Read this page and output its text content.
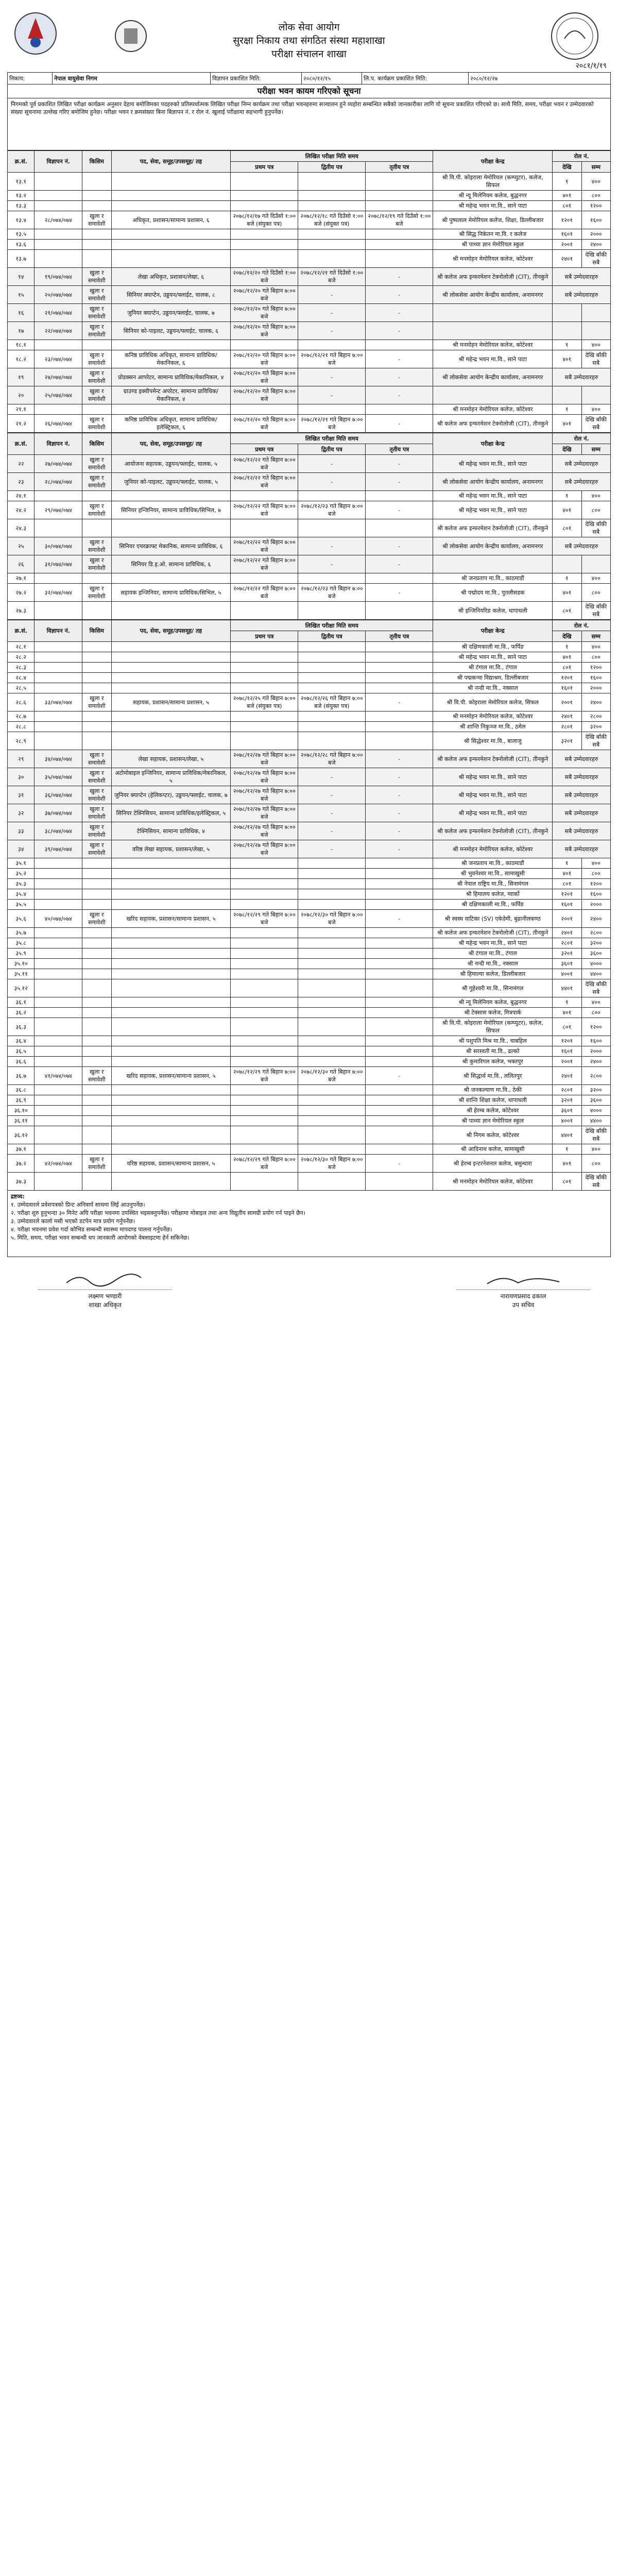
लोक सेवा आयोग
सुरक्षा निकाय तथा संगठित संस्था महाशाखा
परीक्षा संचालन शाखा
२०८१/१/१९
निकाय:	नेपाल वायुसेवा निगम	विज्ञापन प्रकाशित मिति:	२०८०/१२/१५	लि.प. कार्यक्रम प्रकाशित मिति:	२०८०/१२/२७
परीक्षा भवन कायम गरिएको सूचना
निगमको पूर्व प्रकाशित लिखित परीक्षा कार्यक्रम अनुसार देहाय बमोजिमका पदहरुको प्रतिस्पर्धात्मक लिखित परीक्षा निम्न कार्यक्रम तथा परीक्षा भवनहरुमा सञ्चालन हुने व्यहोरा सम्बन्धित सबैको जानकारीका लागि यो सूचना प्रकाशित गरिएको छ। साथै मिति, समय, परीक्षा भवन र उम्मेदवारको संख्या सूचनामा उल्लेख गरिए बमोजिम हुनेछ। परीक्षा भवन र क्रमसंख्या बिना बिज्ञापन नं. र रोल नं. खुलाई परीक्षामा सहभागी हुनुपर्नेछ।
क्र.सं.	विज्ञापन नं.	किसिम	पद, सेवा, समूह/उपसमूह/ तह	लिखित परीक्षा मिति समय			परीक्षा केन्द्र	रोल नं.	
				प्रथम पत्र	द्वितीय पत्र	तृतीय पत्र		देखि	सम्म
१३.१							श्री वि.पी. कोइराला मेमोरियल (कम्प्युटर), कलेज, सिफल	१	४००
१३.२							श्री न्यू मिलेनियम कलेज, बुद्धनगर	४०१	८००
१३.३							श्री महेन्द्र भवन मा.वि., साने पाटा	८०१	१२००
१३.४	२८/०७४/०७४	खुला र समावेशी	अधिकृत, प्रशासन/सामान्य प्रशासन, ६	२०७८/१२/१७ गते दिउँसो १:०० बजे (संयुक्त पत्र)	२०७८/१२/१८ गते दिउँसो १:०० बजे (संयुक्त पत्र)	२०७८/१२/१९ गते दिउँसो १:०० बजे	श्री पुष्पलाल मेमोरियल कलेज, शिक्षा, डिल्लीबजार	१२०१	१६००
१३.५							श्री सिद्ध निकेतन मा.वि. र कलेज	१६०१	२०००
१३.६							श्री पाथ्या ज्ञान मेमोरियल स्कुल	२००१	२४००
१३.७							श्री मनमोहन मेमोरियल कलेज, कोटेश्वर	२४०१	देखि बाँकी सबै
१४	१९/०७४/०७४	खुला र समावेशी	लेखा अधिकृत, प्रशासन/लेखा, ६	२०७८/१२/२० गते दिउँसो १:०० बजे	२०७८/१२/२१ गते दिउँसो १:०० बजे	-	श्री कलेज अफ इन्फरमेशन टेक्नोलोजी (CIT), तीनकुने	सबै उम्मेदवारहरु	
१५	२०/०७४/०७४	खुला र समावेशी	सिनियर क्याप्टेन, उड्डयन/फ्लाईट, चालक, ८	२०७८/१२/२० गते बिहान ७:०० बजे	-	-	श्री लोकसेवा आयोग केन्द्रीय कार्यालय, अनामनगर	सबै उम्मेदवारहरु	
१६	२१/०७४/०७४	खुला र समावेशी	जुनियर क्याप्टेन, उड्डयन/फ्लाईट, चालक, ७	२०७८/१२/२० गते बिहान ७:०० बजे	-	-			
१७	२२/०७४/०७४	खुला र समावेशी	सिनियर को-पाइलट, उड्डयन/फ्लाईट, चालक, ६	२०७८/१२/२० गते बिहान ७:०० बजे	-	-			
१८.१							श्री मनमोहन मेमोरियल कलेज, कोटेश्वर	१	४००
१८.२	२३/०७४/०७४	खुला र समावेशी	कनिष्ठ प्राविधिक अधिकृत, सामान्य प्राविधिक/मेकानिकल, ६	२०७८/१२/२० गते बिहान ७:०० बजे	२०७८/१२/२१ गते बिहान ७:०० बजे	-	श्री महेन्द्र भवन मा.वि., साने पाटा	४०१	देखि बाँकी सबै
१९	२४/०७४/०७४	खुला र समावेशी	प्रोडक्सन आपरेटर, सामान्य प्राविधिक/मेकानिकल, ४	२०७८/१२/२० गते बिहान ७:०० बजे	-	-	श्री लोकसेवा आयोग केन्द्रीय कार्यालय, अनामनगर	सबै उम्मेदवारहरु	
२०	२५/०७४/०७४	खुला र समावेशी	ग्राउण्ड इक्वीपमेन्ट अपरेटर, सामान्य प्राविधिक/मेकानिकल, ४	२०७८/१२/२० गते बिहान ७:०० बजे	-	-			
२१.१							श्री मनमोहन मेमोरियल कलेज, कोटेश्वर	१	४००
२१.२	२६/०७४/०७४	खुला र समावेशी	कनिष्ठ प्राविधिक अधिकृत, सामान्य प्राविधिक/इलेक्ट्रिकल, ६	२०७८/१२/२० गते बिहान ७:०० बजे	२०७८/१२/२१ गते बिहान ७:०० बजे	-	श्री कलेज अफ इन्फरमेशन टेक्नोलोजी (CIT), तीनकुने	४०१	देखि बाँकी सबै
क्र.सं.	विज्ञापन नं.	किसिम	पद, सेवा, समूह/उपसमूह/ तह	लिखित परीक्षा मिति समय			परीक्षा केन्द्र	रोल नं.	
				प्रथम पत्र	द्वितीय पत्र	तृतीय पत्र		देखि	सम्म
२२	२७/०७४/०७४	खुला र समावेशी	आयोजना सहायक, उड्डयन/फ्लाईट, चालक, ५	२०७८/१२/२२ गते बिहान ७:०० बजे	-	-	श्री महेन्द्र भवन मा.वि., साने पाटा	सबै उम्मेदवारहरु	
२३	२८/०७४/०७४	खुला र समावेशी	जुनियर को-पाइलट, उड्डयन/फ्लाईट, चालक, ५	२०७८/१२/२२ गते बिहान ७:०० बजे	-	-	श्री लोकसेवा आयोग केन्द्रीय कार्यालय, अनामनगर	सबै उम्मेदवारहरु	
२४.१							श्री महेन्द्र भवन मा.वि., साने पाटा	१	४००
२४.२	२९/०७४/०७४	खुला र समावेशी	सिनियर इन्जिनियर, सामान्य प्राविधिक/सिभिल, ७	२०७८/१२/२२ गते बिहान ७:०० बजे	२०७८/१२/२३ गते बिहान ७:०० बजे	-	श्री महेन्द्र भवन मा.वि., साने पाटा	४०१	८००
२४.३							श्री कलेज अफ इन्फरमेशन टेक्नोलोजी (CIT), तीनकुने	८०१	देखि बाँकी सबै
२५	३०/०७४/०७४	खुला र समावेशी	सिनियर एयरक्राफ्ट मेकानिक, सामान्य प्राविधिक, ६	२०७८/१२/२२ गते बिहान ७:०० बजे	-	-	श्री लोकसेवा आयोग केन्द्रीय कार्यालय, अनामनगर	सबै उम्मेदवारहरु	
२६	३१/०७४/०७४	खुला र समावेशी	सिनियर डि.इ.ओ. सामान्य प्राविधिक, ६	२०७८/१२/२२ गते बिहान ७:०० बजे	-	-			
२७.१							श्री जनप्रताप मा.वि., काठमाडौं	१	४००
२७.२	३२/०७४/०७४	खुला र समावेशी	सहायक इन्जिनियर, सामान्य प्राविधिक/सिभिल, ५	२०७८/१२/२२ गते बिहान ७:०० बजे	२०७८/१२/२३ गते बिहान ७:०० बजे	-	श्री पद्मोदय मा.वि., पुतलीसडक	४०१	८००
२७.३							श्री इन्जिनियरिङ कलेज, थापाथली	८०१	देखि बाँकी सबै
क्र.सं.	विज्ञापन नं.	किसिम	पद, सेवा, समूह/उपसमूह/ तह	लिखित परीक्षा मिति समय			परीक्षा केन्द्र	रोल नं.	
				प्रथम पत्र	द्वितीय पत्र	तृतीय पत्र		देखि	सम्म
२८.१							श्री दक्षिणकाली मा.वि., फर्पिङ	१	४००
२८.२							श्री महेन्द्र भवन मा.वि., साने पाटा	४०१	८००
२८.३							श्री टंगाल मा.वि., टंगाल	८०१	१२००
२८.४							श्री पद्मकन्या विद्याश्रम, डिल्लीबजार	१२०१	१६००
२८.५							श्री नन्दी मा.वि., नक्साल	१६०१	२०००
२८.६	३३/०७४/०७४	खुला र समावेशी	सहायक, प्रशासन/सामान्य प्रशासन, ५	२०७८/१२/२५ गते बिहान ७:०० बजे (संयुक्त पत्र)	२०७८/१२/२६ गते बिहान ७:०० बजे (संयुक्त पत्र)	-	श्री वि.पी. कोइराला मेमोरियल कलेज, सिफल	२००१	२४००
२८.७							श्री मनमोहन मेमोरियल कलेज, कोटेश्वर	२४०१	२८००
२८.८							श्री शान्ति निकुञ्ज मा.वि., ठमेल	२८०१	३२००
२८.९							श्री सिद्धेश्वर मा.वि., बालाजु	३२०१	देखि बाँकी सबै
२९	३४/०७४/०७४	खुला र समावेशी	लेखा सहायक, प्रशासन/लेखा, ५	२०७८/१२/२७ गते बिहान ७:०० बजे	२०७८/१२/२८ गते बिहान ७:०० बजे	-	श्री कलेज अफ इन्फरमेशन टेक्नोलोजी (CIT), तीनकुने	सबै उम्मेदवारहरु	
३०	३५/०७४/०७४	खुला र समावेशी	अटोमोबाइल इन्जिनियर, सामान्य प्राविधिक/मेकानिकल, ५	२०७८/१२/२७ गते बिहान ७:०० बजे	-	-	श्री महेन्द्र भवन मा.वि., साने पाटा	सबै उम्मेदवारहरु	
३१	३६/०७४/०७४	खुला र समावेशी	जुनियर क्याप्टेन (हेलिकप्टर), उड्डयन/फ्लाईट, चालक, ७	२०७८/१२/२७ गते बिहान ७:०० बजे	-	-	श्री महेन्द्र भवन मा.वि., साने पाटा	सबै उम्मेदवारहरु	
३२	३७/०७४/०७४	खुला र समावेशी	सिनियर टेक्निसियन, सामान्य प्राविधिक/इलेक्ट्रिकल, ५	२०७८/१२/२७ गते बिहान ७:०० बजे	-	-	श्री महेन्द्र भवन मा.वि., साने पाटा	सबै उम्मेदवारहरु	
३३	३८/०७४/०७४	खुला र समावेशी	टेक्निसियन, सामान्य प्राविधिक, ४	२०७८/१२/२७ गते बिहान ७:०० बजे	-	-	श्री कलेज अफ इन्फरमेशन टेक्नोलोजी (CIT), तीनकुने	सबै उम्मेदवारहरु	
३४	३९/०७४/०७४	खुला र समावेशी	वरिष्ठ लेखा सहायक, प्रशासन/लेखा, ५	२०७८/१२/२७ गते बिहान ७:०० बजे	-	-	श्री मनमोहन मेमोरियल कलेज, कोटेश्वर	सबै उम्मेदवारहरु	
३५.१							श्री जनप्रताप मा.वि., काठमाडौं	१	४००
३५.२							श्री भुवनेश्वर मा.वि., सामाखुसी	४०१	८००
३५.३							श्री नेपाल राष्ट्रिय मा.वि., सिनामंगल	८०१	१२००
३५.४							श्री हिमालय कलेज, ग्वार्को	१२०१	१६००
३५.५							श्री दक्षिणकाली मा.वि., फर्पिङ	१६०१	२०००
३५.६	४०/०७४/०७४	खुला र समावेशी	खरिद सहायक, प्रशासन/सामान्य प्रशासन, ५	२०७८/१२/२९ गते बिहान ७:०० बजे	२०७८/१२/३० गते बिहान ७:०० बजे	-	श्री स्वस्थ वाटिका (SV) एकेडेमी, बुढानीलकण्ठ	२००१	२४००
३५.७							श्री कलेज अफ इन्फरमेशन टेक्नोलोजी (CIT), तीनकुने	२४०१	२८००
३५.८							श्री महेन्द्र भवन मा.वि., साने पाटा	२८०१	३२००
३५.९							श्री टंगाल मा.वि., टंगाल	३२०१	३६००
३५.१०							श्री नन्दी मा.वि., नक्साल	३६०१	४०००
३५.११							श्री हिमाल्या कलेज, डिल्लीबजार	४००१	४४००
३५.१२							श्री गुहेश्वरी मा.वि., सिनामंगल	४४०१	देखि बाँकी सबै
३६.१							श्री न्यू मिलेनियम कलेज, बुद्धनगर	१	४००
३६.२							श्री टेक्सास कलेज, मित्रपार्क	४०१	८००
३६.३							श्री वि.पी. कोइराला मेमोरियल (कम्प्युटर), कलेज, सिफल	८०१	१२००
३६.४							श्री पशुपति मिश्र मा.वि., चाबहिल	१२०१	१६००
३६.५							श्री सरस्वती मा.वि., ढल्को	१६०१	२०००
३६.६							श्री कुमारिगल कलेज, भक्तपुर	२००१	२४००
३६.७	४१/०७४/०७४	खुला र समावेशी	खरिद सहायक, प्रशासन/सामान्य प्रशासन, ५	२०७८/१२/२९ गते बिहान ७:०० बजे	२०७८/१२/३० गते बिहान ७:०० बजे	-	श्री सिद्धार्थ मा.वि., ललितपुर	२४०१	२८००
३६.८							श्री जनकल्याण मा.वि., ठेकी	२८०१	३२००
३६.९							श्री शान्ति शिक्षा कलेज, थापाथली	३२०१	३६००
३६.१०							श्री हेरम्ब कलेज, कोटेश्वर	३६०१	४०००
३६.११							श्री पाथ्या ज्ञान मेमोरियल स्कुल	४००१	४४००
३६.१२							श्री निगम कलेज, कोटेश्वर	४४०१	देखि बाँकी सबै
३७.१							श्री आदिनाथ कलेज, सामाखुसी	१	४००
३७.२	४२/०७४/०७४	खुला र समावेशी	वरिष्ठ सहायक, प्रशासन/सामान्य प्रशासन, ५	२०७८/१२/२९ गते बिहान ७:०० बजे	२०७८/१२/३० गते बिहान ७:०० बजे	-	श्री हेरम्ब इन्टरनेशनल कलेज, बसुन्धारा	४०१	८००
३७.३							श्री मनमोहन मेमोरियल कलेज, कोटेश्वर	८०१	देखि बाँकी सबै
द्रष्टव्य:
१. उम्मेदवारले प्रवेशपत्रको प्रिन्ट अनिवार्य साथमा लिई आउनुपर्नेछ।
२. परीक्षा शुरु हुनुभन्दा ३० मिनेट अघि परीक्षा भवनमा उपस्थित भइसक्नुपर्नेछ। परीक्षामा मोबाइल तथा अन्य विद्युतीय सामग्री प्रयोग गर्न पाइने छैन।
३. उम्मेदवारले कालो मसी भएको डटपेन मात्र प्रयोग गर्नुपर्नेछ।
४. परीक्षा भवनमा प्रवेश गर्दा कोभिड सम्बन्धी स्वास्थ्य मापदण्ड पालना गर्नुपर्नेछ।
५. मिति, समय, परीक्षा भवन सम्बन्धी थप जानकारी आयोगको वेबसाइटमा हेर्न सकिनेछ।
लक्ष्मण भण्डारी
शाखा अधिकृत
नारायणप्रसाद ढकाल
उप सचिव
